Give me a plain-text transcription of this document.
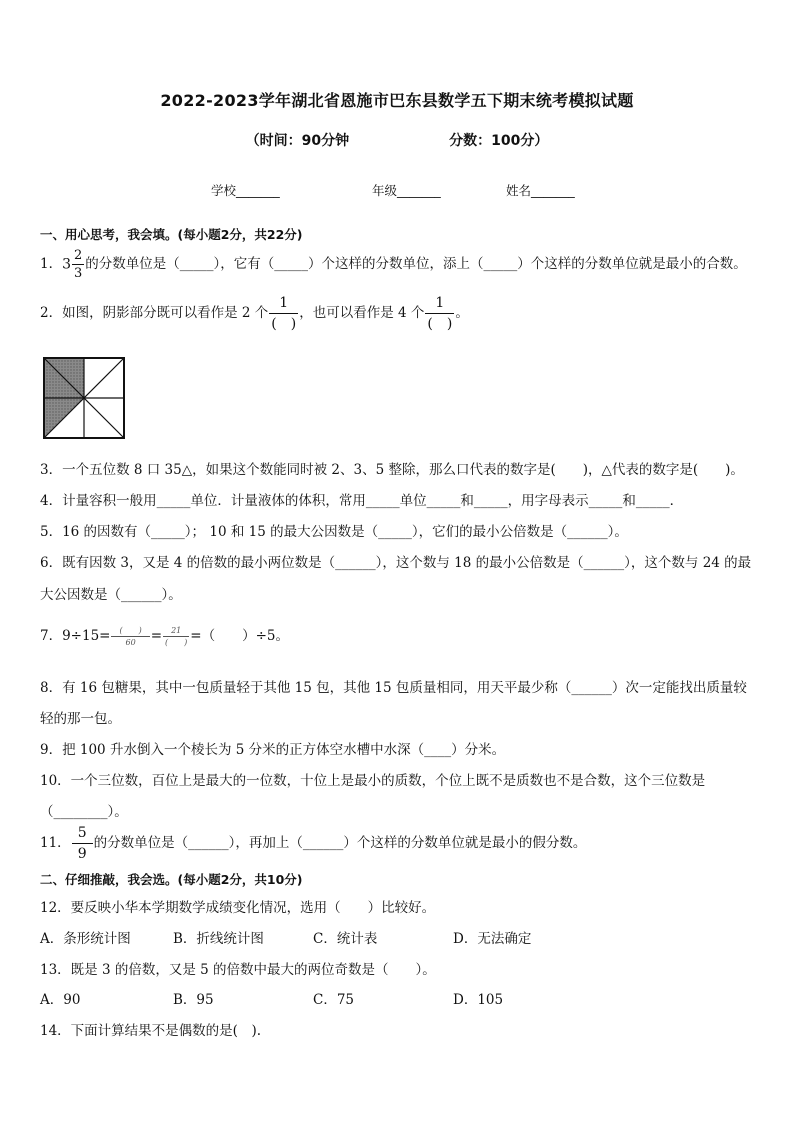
2022-2023学年湖北省恩施市巴东县数学五下期末统考模拟试题
（时间：90分钟	分数：100分）
学校_______	年级_______	姓名_______
一、用心思考，我会填。(每小题2分，共22分)
1．$3 \frac{2}{3}$ 的分数单位是（_____），它有（_____）个这样的分数单位，添上（_____）个这样的分数单位就是最小的合数。
2．如图，阴影部分既可以看作是 2 个 $\frac{1}{( )}$ ，也可以看作是 4 个 $\frac{1}{( )}$ 。
3．一个五位数 8 口 35△，如果这个数能同时被 2、3、5 整除，那么口代表的数字是(　　)，△代表的数字是(　　)。
4．计量容积一般用_____单位．计量液体的体积，常用_____单位_____和_____，用字母表示_____和_____．
5．16 的因数有（_____）； 10 和 15 的最大公因数是（_____），它们的最小公倍数是（______）。
6．既有因数 3，又是 4 的倍数的最小两位数是（______），这个数与 18 的最小公倍数是（______），这个数与 24 的最
大公因数是（______）。
7．$9\div 15= \frac{( )}{60} = \frac{21}{( )}$ =（　　）÷5。
8．有 16 包糖果，其中一包质量轻于其他 15 包，其他 15 包质量相同，用天平最少称（______）次一定能找出质量较
轻的那一包。
9．把 100 升水倒入一个棱长为 5 分米的正方体空水槽中水深（____）分米。
10．一个三位数，百位上是最大的一位数，十位上是最小的质数，个位上既不是质数也不是合数，这个三位数是
（________）。
11． $\frac{5}{9}$ 的分数单位是（______），再加上（______）个这样的分数单位就是最小的假分数。
二、仔细推敲，我会选。(每小题2分，共10分)
12．要反映小华本学期数学成绩变化情况，选用（　　）比较好。
A．条形统计图	B．折线统计图	C．统计表	D．无法确定
13．既是 3 的倍数，又是 5 的倍数中最大的两位奇数是（　　）。
A．90	B．95	C．75	D．105
14．下面计算结果不是偶数的是(　).
